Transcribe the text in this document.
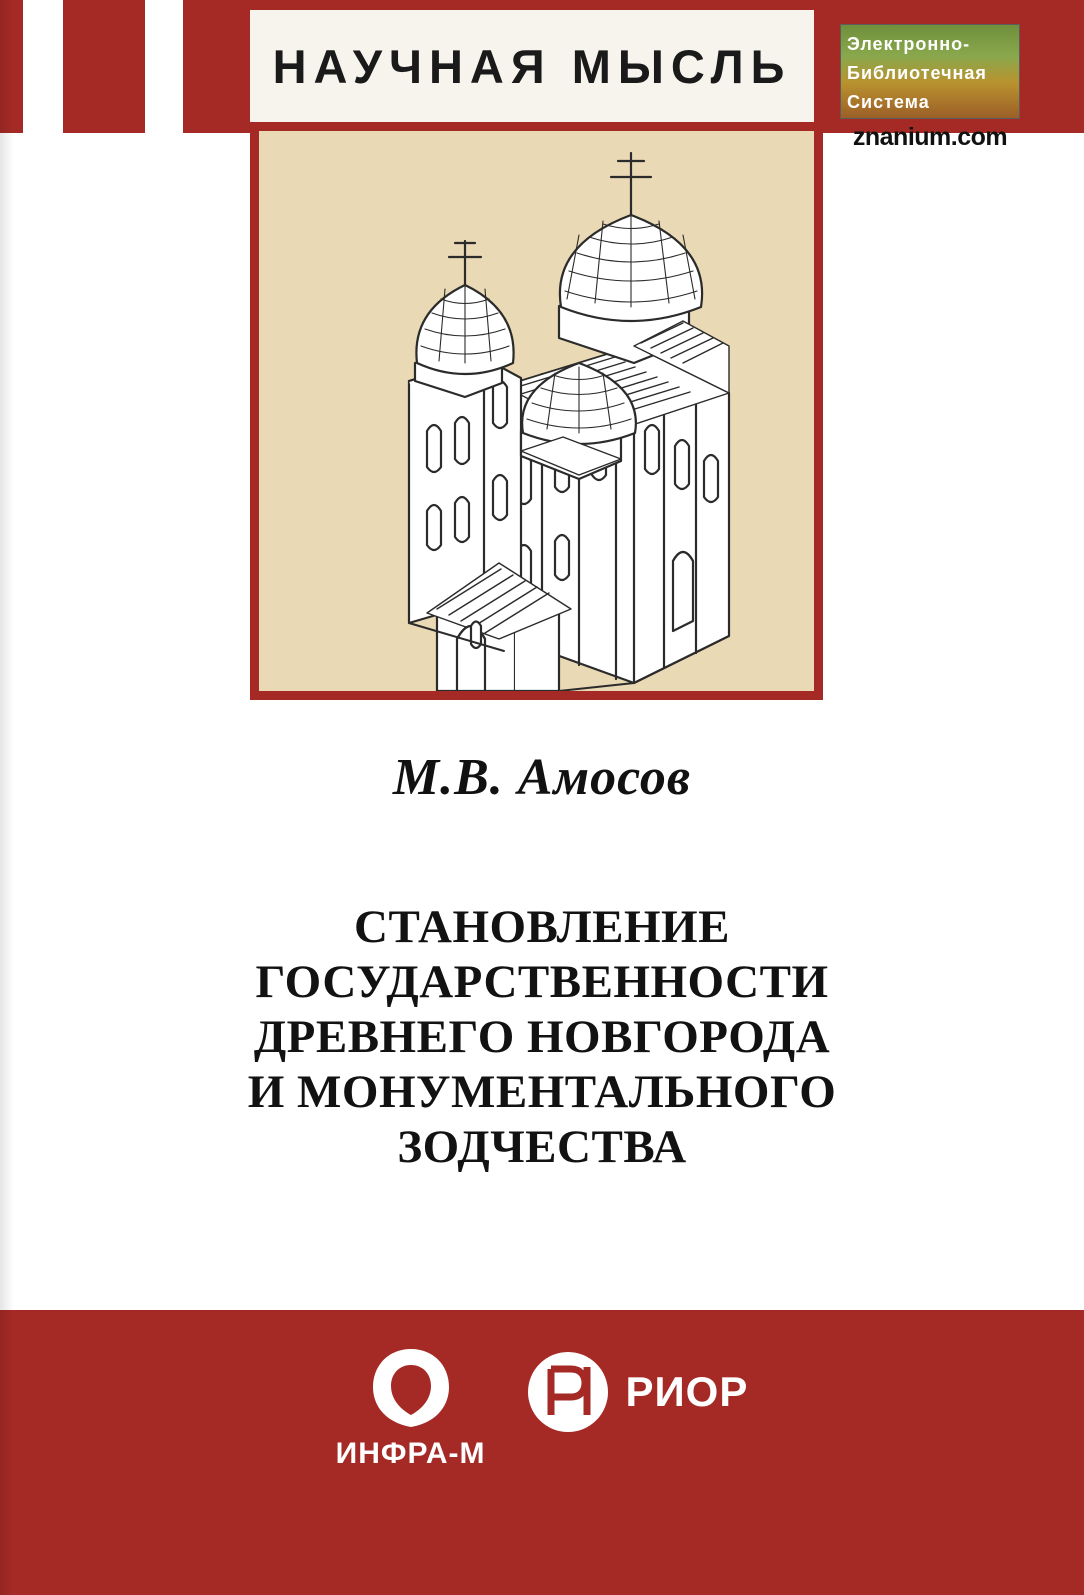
НАУЧНАЯ МЫСЛЬ	Электронно-
Библиотечная
Система
znanium.com
М.В. Амосов
СТАНОВЛЕНИЕ
ГОСУДАРСТВЕННОСТИ
ДРЕВНЕГО НОВГОРОДА
И МОНУМЕНТАЛЬНОГО
ЗОДЧЕСТВА
ИНФРА-М
РИОР
